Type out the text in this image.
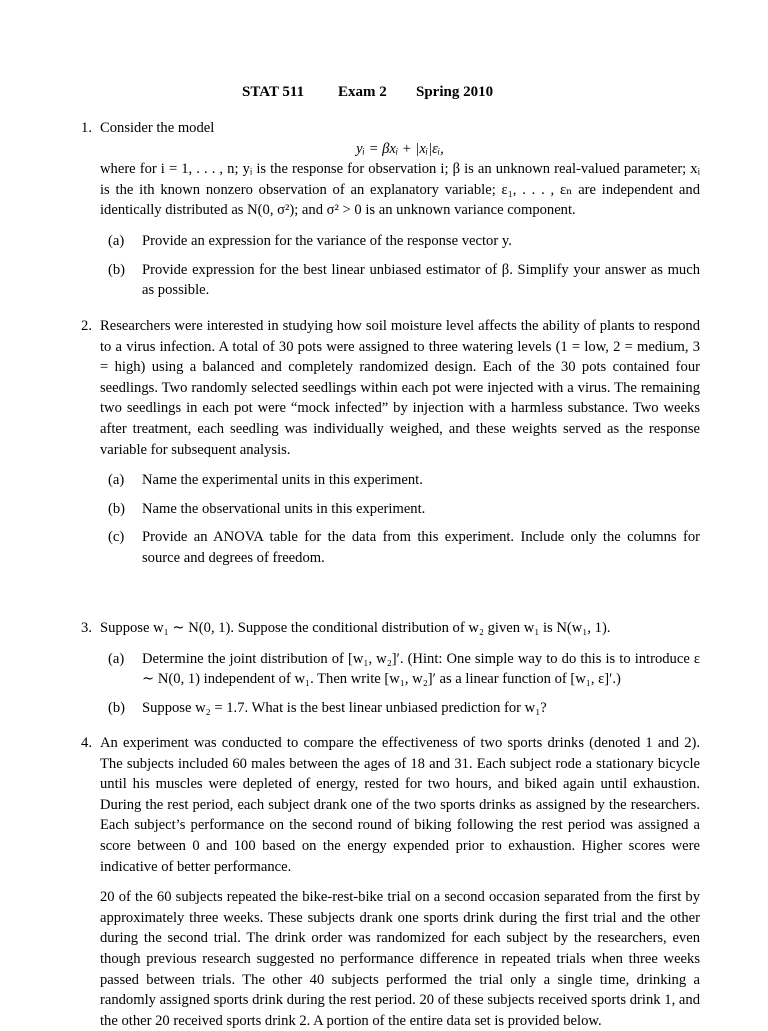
STAT 511 Exam 2 Spring 2010
1. Consider the model

yᵢ = βxᵢ + |xᵢ|εᵢ,

where for i = 1, . . . , n; yᵢ is the response for observation i; β is an unknown real-valued parameter; xᵢ is the ith known nonzero observation of an explanatory variable; ε₁, . . . , εₙ are independent and identically distributed as N(0, σ²); and σ² > 0 is an unknown variance component.

(a) Provide an expression for the variance of the response vector y.
(b) Provide expression for the best linear unbiased estimator of β. Simplify your answer as much as possible.
2. Researchers were interested in studying how soil moisture level affects the ability of plants to respond to a virus infection. A total of 30 pots were assigned to three watering levels (1 = low, 2 = medium, 3 = high) using a balanced and completely randomized design. Each of the 30 pots contained four seedlings. Two randomly selected seedlings within each pot were injected with a virus. The remaining two seedlings in each pot were “mock infected” by injection with a harmless substance. Two weeks after treatment, each seedling was individually weighed, and these weights served as the response variable for subsequent analysis.

(a) Name the experimental units in this experiment.
(b) Name the observational units in this experiment.
(c) Provide an ANOVA table for the data from this experiment. Include only the columns for source and degrees of freedom.
3. Suppose w₁ ∼ N(0, 1). Suppose the conditional distribution of w₂ given w₁ is N(w₁, 1).

(a) Determine the joint distribution of [w₁, w₂]′. (Hint: One simple way to do this is to introduce ε ∼ N(0, 1) independent of w₁. Then write [w₁, w₂]′ as a linear function of [w₁, ε]′.)
(b) Suppose w₂ = 1.7. What is the best linear unbiased prediction for w₁?
4. An experiment was conducted to compare the effectiveness of two sports drinks (denoted 1 and 2). The subjects included 60 males between the ages of 18 and 31. Each subject rode a stationary bicycle until his muscles were depleted of energy, rested for two hours, and biked again until exhaustion. During the rest period, each subject drank one of the two sports drinks as assigned by the researchers. Each subject’s performance on the second round of biking following the rest period was assigned a score between 0 and 100 based on the energy expended prior to exhaustion. Higher scores were indicative of better performance.

20 of the 60 subjects repeated the bike-rest-bike trial on a second occasion separated from the first by approximately three weeks. These subjects drank one sports drink during the first trial and the other during the second trial. The drink order was randomized for each subject by the researchers, even though previous research suggested no performance difference in repeated trials when three weeks passed between trials. The other 40 subjects performed the trial only a single time, drinking a randomly assigned sports drink during the rest period. 20 of these subjects received sports drink 1, and the other 20 received sports drink 2. A portion of the entire data set is provided below.
